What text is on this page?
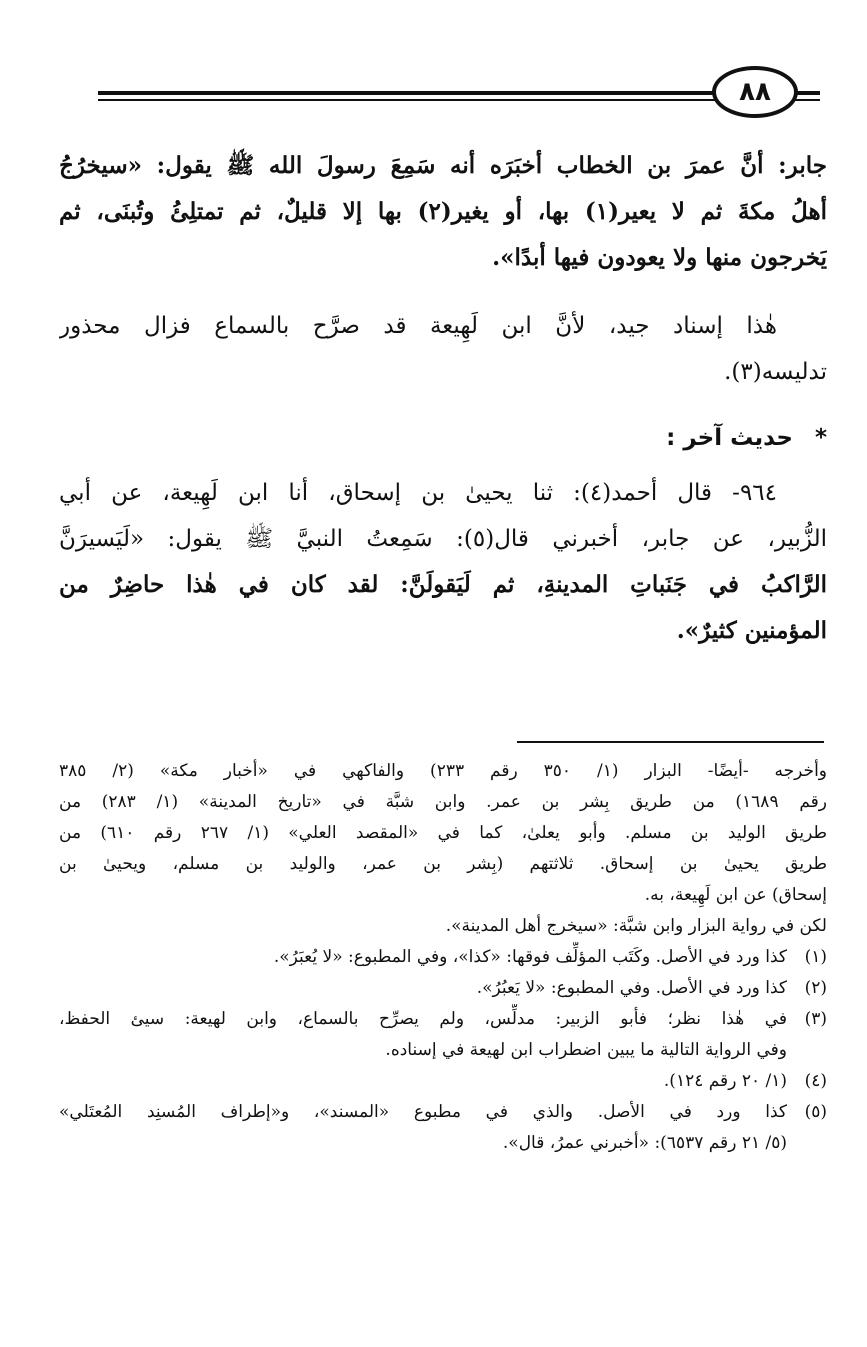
٨٨
جابر: أنَّ عمرَ بن الخطاب أخبَرَه أنه سَمِعَ رسولَ الله ﷺ يقول: «سيخرُجُ
أهلُ مكةَ ثم لا يعير(١) بها، أو يغير(٢) بها إلا قليلٌ، ثم تمتلِئُ وتُبنَى، ثم
يَخرجون منها ولا يعودون فيها أبدًا».
هٰذا إسناد جيد، لأنَّ ابن لَهِيعة قد صرَّح بالسماع فزال محذور
تدليسه(٣).
* حديث آخر :
٩٦٤- قال أحمد(٤): ثنا يحيىٰ بن إسحاق، أنا ابن لَهِيعة، عن أبي
الزُّبير، عن جابر، أخبرني قال(٥): سَمِعتُ النبيَّ ﷺ يقول: «لَيَسيرَنَّ
الرَّاكبُ في جَنَباتِ المدينةِ، ثم لَيَقولَنَّ: لقد كان في هٰذا حاضِرٌ من
المؤمنين كثيرٌ».
وأخرجه -أيضًا- البزار (١/ ٣٥٠ رقم ٢٣٣) والفاكهي في «أخبار مكة» (٢/ ٣٨٥
رقم ١٦٨٩) من طريق بِشر بن عمر. وابن شبَّة في «تاريخ المدينة» (١/ ٢٨٣) من
طريق الوليد بن مسلم. وأبو يعلىٰ، كما في «المقصد العلي» (١/ ٢٦٧ رقم ٦١٠) من
طريق يحيىٰ بن إسحاق. ثلاثتهم (بِشر بن عمر، والوليد بن مسلم، ويحيىٰ بن
إسحاق) عن ابن لَهِيعة، به.
لكن في رواية البزار وابن شبَّة: «سيخرج أهل المدينة».
(١)
كذا ورد في الأصل. وكَتَب المؤلِّف فوقها: «كذا»، وفي المطبوع: «لا يُعبَرُ».
(٢)
كذا ورد في الأصل. وفي المطبوع: «لا يَعبُرُ».
(٣)
في هٰذا نظر؛ فأبو الزبير: مدلِّس، ولم يصرِّح بالسماع، وابن لهيعة: سيئ الحفظ،
وفي الرواية التالية ما يبين اضطراب ابن لهيعة في إسناده.
(٤)
(١/ ٢٠ رقم ١٢٤).
(٥)
كذا ورد في الأصل. والذي في مطبوع «المسند»، و«إطراف المُسنِد المُعتَلي»
(٥/ ٢١ رقم ٦٥٣٧): «أخبرني عمرُ، قال».
